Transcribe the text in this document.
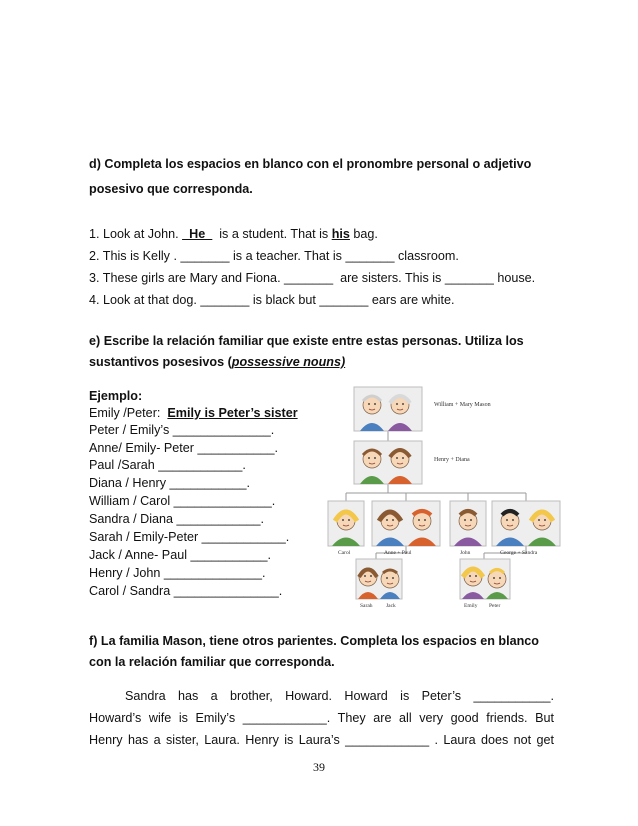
d) Completa los espacios en blanco con el pronombre personal o adjetivo
posesivo que corresponda.
1. Look at John. _He_  is a student. That is his bag.
2. This is Kelly . _______ is a teacher. That is _______ classroom.
3. These girls are Mary and Fiona. _______  are sisters. This is _______ house.
4. Look at that dog. _______ is black but _______ ears are white.
e) Escribe la relación familiar que existe entre estas personas. Utiliza los
sustantivos posesivos (possessive nouns)
Ejemplo:
Emily /Peter:  Emily is Peter’s sister
Peter / Emily’s ______________.
Anne/ Emily- Peter ___________.
Paul /Sarah ____________.
Diana / Henry ___________.
William / Carol ______________.
Sandra / Diana ____________.
Sarah / Emily-Peter ____________.
Jack / Anne- Paul ___________.
Henry / John ______________.
Carol / Sandra _______________.
William + Mary Mason
Henry + Diana
Carol	Anne + Paul	John	George + Sandra
Sarah Jack	Emily Peter
f) La familia Mason, tiene otros parientes. Completa los espacios en blanco
con la relación familiar que corresponda.
Sandra has a brother, Howard. Howard is Peter’s ___________.
Howard’s wife is Emily’s ____________. They are all very good friends. But
Henry has a sister, Laura. Henry is Laura’s ____________ . Laura does not get
39
